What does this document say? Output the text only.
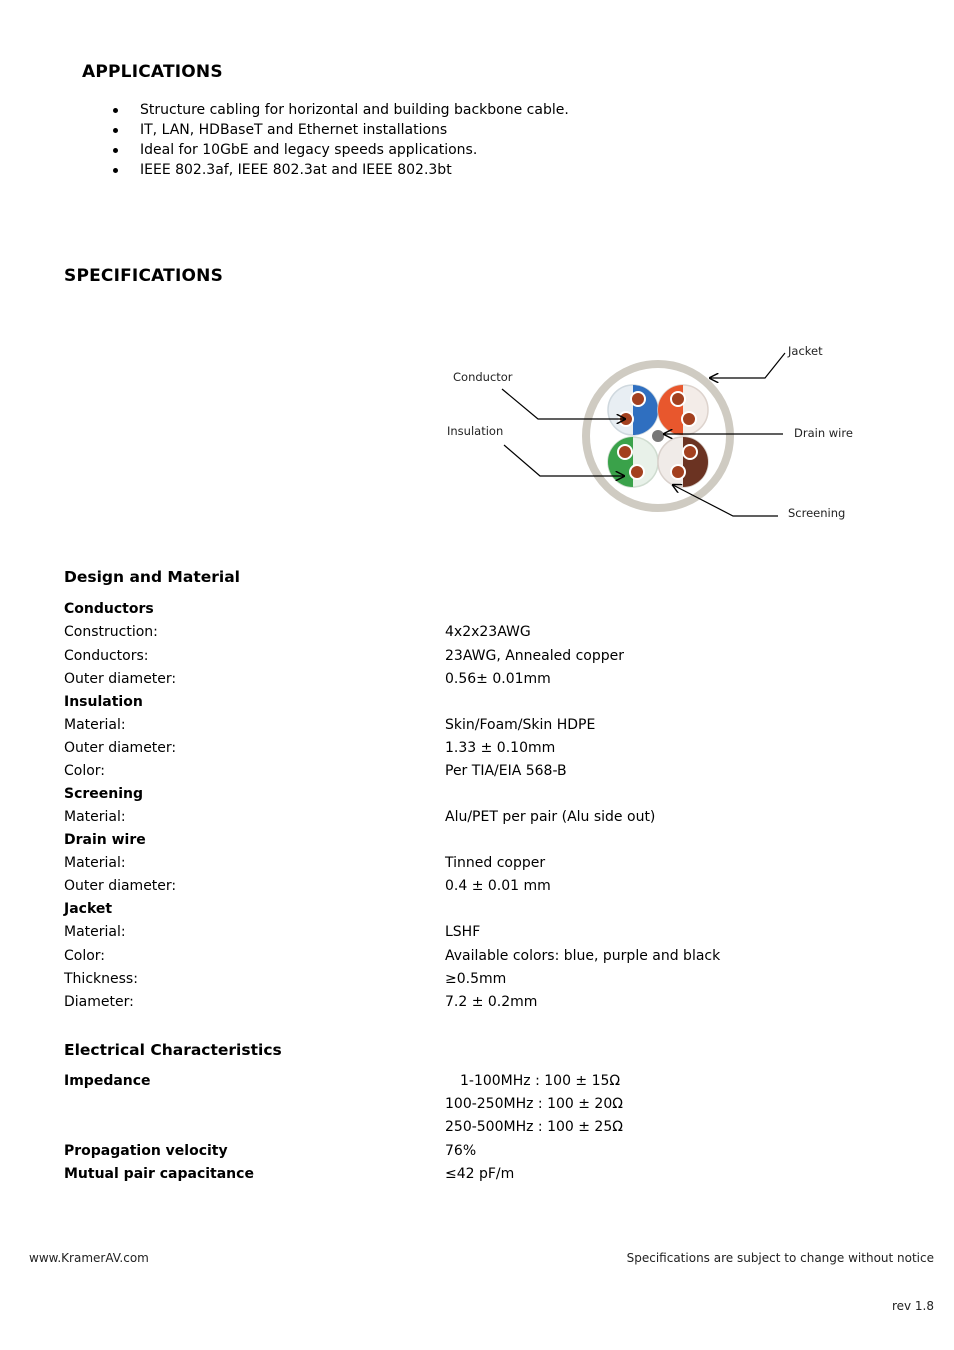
APPLICATIONS
Structure cabling for horizontal and building backbone cable.
IT, LAN, HDBaseT and Ethernet installations
Ideal for 10GbE and legacy speeds applications.
IEEE 802.3af, IEEE 802.3at and IEEE 802.3bt
SPECIFICATIONS
Jacket
Conductor
Insulation	Drain wire
Screening
Design and Material
Conductors
Construction:	4x2x23AWG
Conductors:	23AWG, Annealed copper
Outer diameter:	0.56± 0.01mm
Insulation
Material:	Skin/Foam/Skin HDPE
Outer diameter:	1.33 ± 0.10mm
Color:	Per TIA/EIA 568-B
Screening
Material:	Alu/PET per pair (Alu side out)
Drain wire
Material:	Tinned copper
Outer diameter:	0.4 ± 0.01 mm
Jacket
Material:	LSHF
Color:	Available colors: blue, purple and black
Thickness:	≥0.5mm
Diameter:	7.2 ± 0.2mm
Electrical Characteristics
Impedance	1-100MHz : 100 ± 15Ω
100-250MHz : 100 ± 20Ω
250-500MHz : 100 ± 25Ω
Propagation velocity	76%
Mutual pair capacitance	≤42 pF/m
www.KramerAV.com	Specifications are subject to change without notice
rev 1.8
